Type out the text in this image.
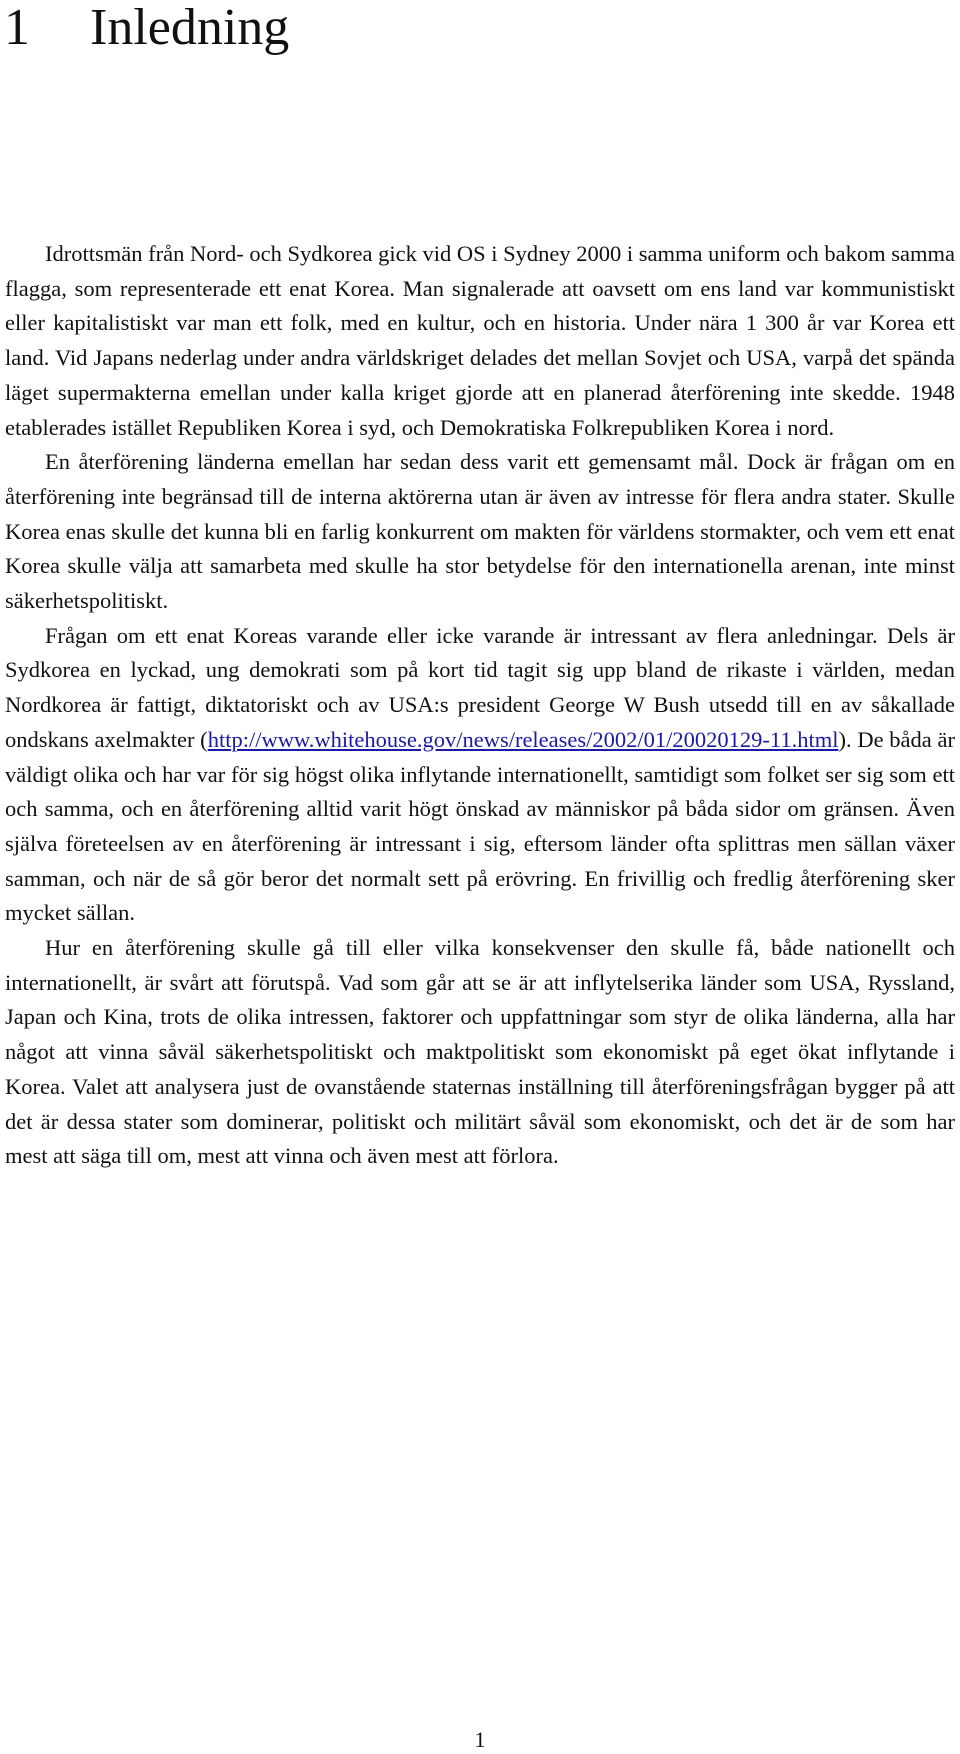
1 Inledning

Idrottsmän från Nord- och Sydkorea gick vid OS i Sydney 2000 i samma uniform och bakom samma flagga, som representerade ett enat Korea. Man signalerade att oavsett om ens land var kommunistiskt eller kapitalistiskt var man ett folk, med en kultur, och en historia. Under nära 1 300 år var Korea ett land. Vid Japans nederlag under andra världskriget delades det mellan Sovjet och USA, varpå det spända läget supermakterna emellan under kalla kriget gjorde att en planerad återförening inte skedde. 1948 etablerades istället Republiken Korea i syd, och Demokratiska Folkrepubliken Korea i nord.

En återförening länderna emellan har sedan dess varit ett gemensamt mål. Dock är frågan om en återförening inte begränsad till de interna aktörerna utan är även av intresse för flera andra stater. Skulle Korea enas skulle det kunna bli en farlig konkurrent om makten för världens stormakter, och vem ett enat Korea skulle välja att samarbeta med skulle ha stor betydelse för den internationella arenan, inte minst säkerhetspolitiskt.

Frågan om ett enat Koreas varande eller icke varande är intressant av flera anledningar. Dels är Sydkorea en lyckad, ung demokrati som på kort tid tagit sig upp bland de rikaste i världen, medan Nordkorea är fattigt, diktatoriskt och av USA:s president George W Bush utsedd till en av såkallade ondskans axelmakter (http://www.whitehouse.gov/news/releases/2002/01/20020129-11.html). De båda är väldigt olika och har var för sig högst olika inflytande internationellt, samtidigt som folket ser sig som ett och samma, och en återförening alltid varit högt önskad av människor på båda sidor om gränsen. Även själva företeelsen av en återförening är intressant i sig, eftersom länder ofta splittras men sällan växer samman, och när de så gör beror det normalt sett på erövring. En frivillig och fredlig återförening sker mycket sällan.

Hur en återförening skulle gå till eller vilka konsekvenser den skulle få, både nationellt och internationellt, är svårt att förutspå. Vad som går att se är att inflytelserika länder som USA, Ryssland, Japan och Kina, trots de olika intressen, faktorer och uppfattningar som styr de olika länderna, alla har något att vinna såväl säkerhetspolitiskt och maktpolitiskt som ekonomiskt på eget ökat inflytande i Korea. Valet att analysera just de ovanstående staternas inställning till återföreningsfrågan bygger på att det är dessa stater som dominerar, politiskt och militärt såväl som ekonomiskt, och det är de som har mest att säga till om, mest att vinna och även mest att förlora.

1
